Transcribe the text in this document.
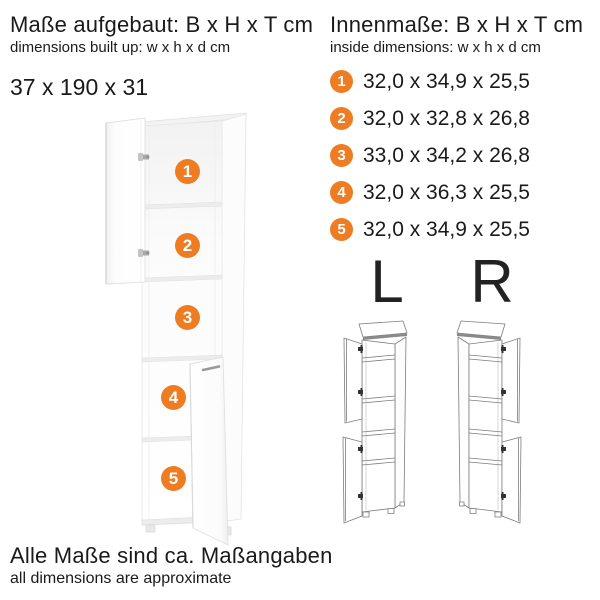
Maße aufgebaut: B x H x T cm
dimensions built up: w x h x d cm
37 x 190 x 31
Innenmaße: B x H x T cm
inside dimensions: w x h x d cm
1 32,0 x 34,9 x 25,5
2 32,0 x 32,8 x 26,8
3 33,0 x 34,2 x 26,8
4 32,0 x 36,3 x 25,5
5 32,0 x 34,9 x 25,5
1
2
3
4
5
L R
Alle Maße sind ca. Maßangaben
all dimensions are approximate
